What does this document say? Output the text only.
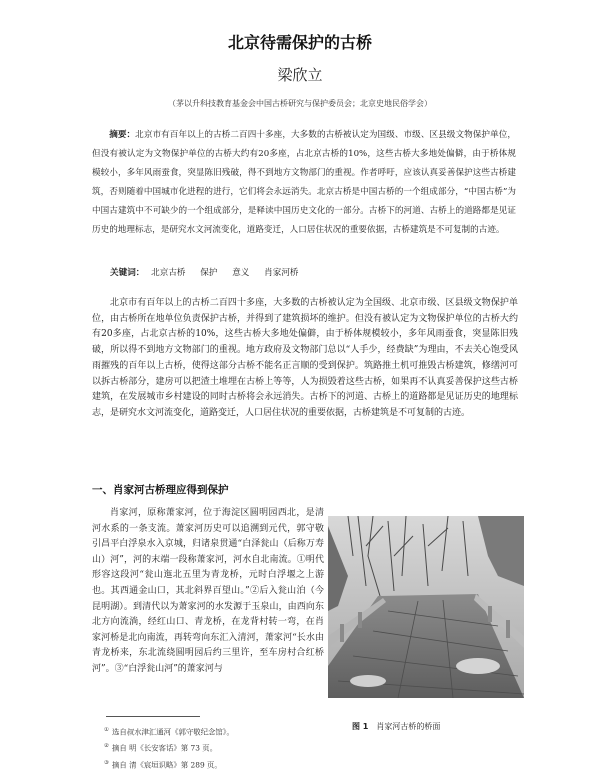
北京待需保护的古桥
梁欣立
（茅以升科技教育基金会中国古桥研究与保护委员会；北京史地民俗学会）

摘要：北京市有百年以上的古桥二百四十多座，大多数的古桥被认定为国级、市级、区县级文物保护单位，但没有被认定为文物保护单位的古桥大约有20多座，占北京古桥的10%，这些古桥大多地处偏僻，由于桥体规模较小，多年风雨蚕食，突显陈旧残破，得不到地方文物部门的重视。作者呼吁，应该认真妥善保护这些古桥建筑，否则随着中国城市化进程的进行，它们将会永远消失。北京古桥是中国古桥的一个组成部分，“中国古桥”为中国古建筑中不可缺少的一个组成部分，是释读中国历史文化的一部分。古桥下的河道、古桥上的道路都是见证历史的地理标志，是研究水文河流变化，道路变迁，人口居住状况的重要依据，古桥建筑是不可复制的古迹。

关键词： 北京古桥 保护 意义 肖家河桥

北京市有百年以上的古桥二百四十多座，大多数的古桥被认定为全国级、北京市级、区县级文物保护单位，由古桥所在地单位负责保护古桥，并得到了建筑损坏的维护。但没有被认定为文物保护单位的古桥大约有20多座，占北京古桥的10%，这些古桥大多地处偏僻，由于桥体规模较小，多年风雨蚕食，突显陈旧残破，所以得不到地方文物部门的重视。地方政府及文物部门总以“人手少，经费缺”为理由，不去关心饱受风雨摧残的百年以上古桥，使得这部分古桥不能名正言顺的受到保护。筑路推土机可推毁古桥建筑，修缮河可以拆古桥部分，建房可以把渣土堆埋在古桥上等等，人为损毁着这些古桥，如果再不认真妥善保护这些古桥建筑，在发展城市乡村建设的同时古桥将会永远消失。古桥下的河道、古桥上的道路都是见证历史的地理标志，是研究水文河流变化，道路变迁，人口居住状况的重要依据，古桥建筑是不可复制的古迹。

一、肖家河古桥理应得到保护

肖家河，原称萧家河，位于海淀区圆明园西北，是清河水系的一条支流。萧家河历史可以追溯到元代，郭守敬引昌平白浮泉水入京城，归诸泉贯通“白泽瓮山（后称万寿山）河”，河的末端一段称萧家河，河水自北南流。①明代形容这段河“瓮山迤北五里为青龙桥，元时白浮堰之上游也。其西通金山口，其北斜界百望山。”②后入瓮山泊（今昆明湖）。到清代以为萧家河的水发源于玉泉山，由西向东北方向流淌，经红山口、青龙桥，在龙背村转一弯，在肖家河桥是北向南流，再转弯向东汇入清河，萧家河“长水由青龙桥来，东北流绕圆明园后约三里许，至车房村合红桥河”。③“白浮瓮山河”的萧家河与

图 1 肖家河古桥的桥面
① 选自叔水津汇通河《郭守敬纪念馆》。
② 摘自 明《长安客话》第 73 页。
③ 摘自 清《宸垣识略》第 289 页。
